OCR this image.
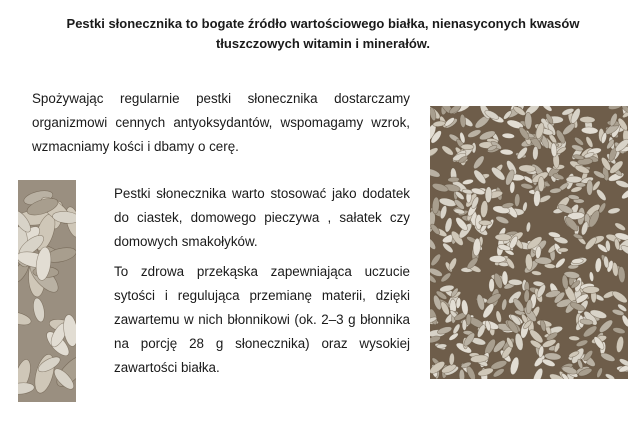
Pestki słonecznika to bogate źródło wartościowego białka, nienasyconych kwasów
tłuszczowych witamin i minerałów.
Spożywając regularnie pestki słonecznika dostarczamy organizmowi cennych antyoksydantów, wspomagamy wzrok, wzmacniamy kości i dbamy o cerę.

Pestki słonecznika warto stosować jako dodatek do ciastek, domowego pieczywa , sałatek czy domowych smakołyków.

To zdrowa przekąska zapewniająca uczucie sytości i regulująca przemianę materii, dzięki zawartemu w nich błonnikowi (ok. 2–3 g błonnika na porcję 28 g słonecznika) oraz wysokiej zawartości białka.
